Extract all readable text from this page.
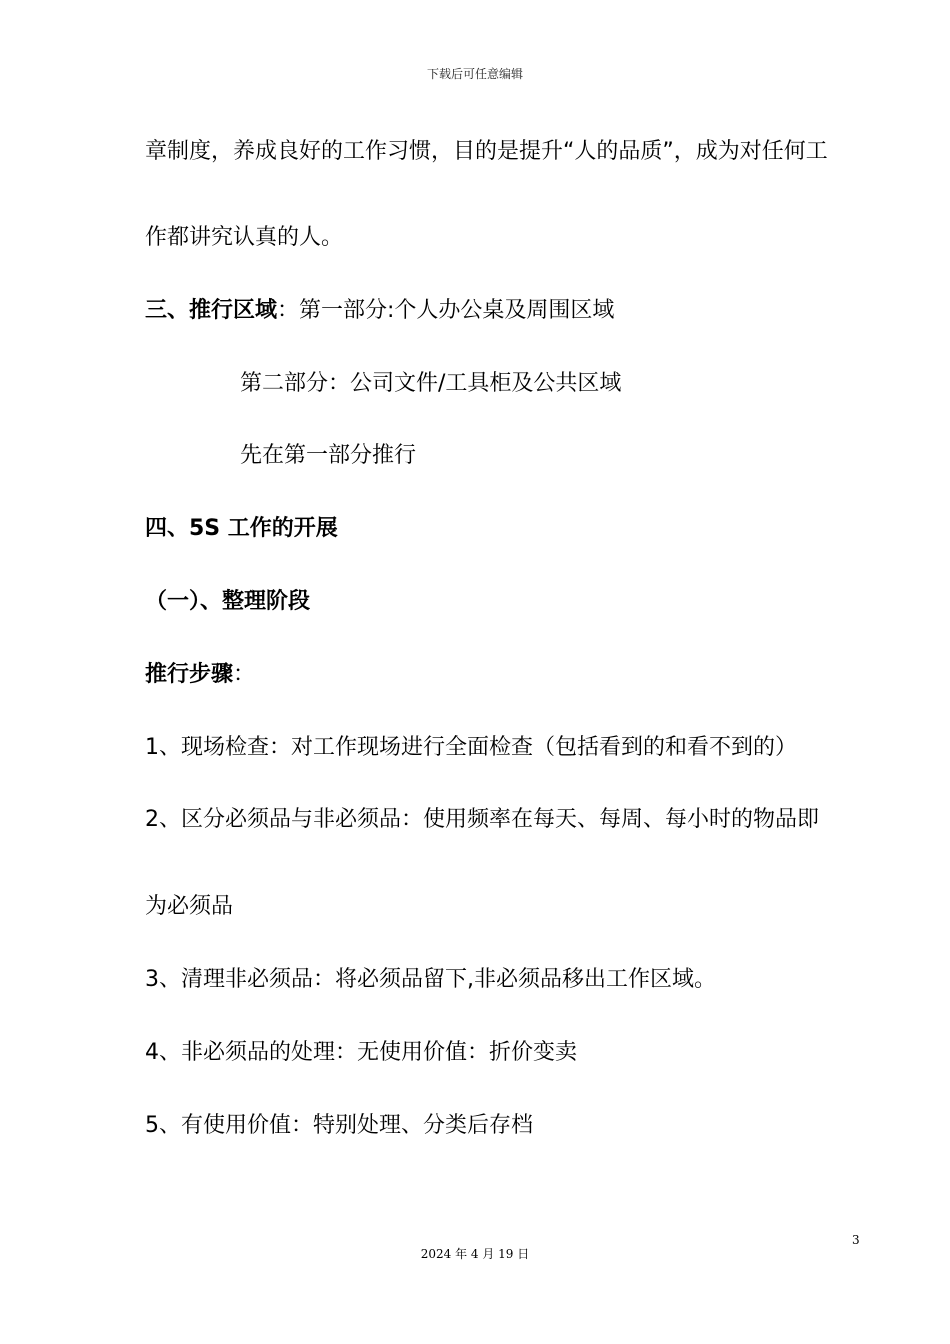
下载后可任意编辑
章制度，养成良好的工作习惯，目的是提升“人的品质”，成为对任何工
作都讲究认真的人。
三、推行区域：第一部分:个人办公桌及周围区域
第二部分：公司文件/工具柜及公共区域
先在第一部分推行
四、5S 工作的开展
（一）、整理阶段
推行步骤：
1、现场检查：对工作现场进行全面检查（包括看到的和看不到的）
2、区分必须品与非必须品：使用频率在每天、每周、每小时的物品即
为必须品
3、清理非必须品：将必须品留下,非必须品移出工作区域。
4、非必须品的处理：无使用价值：折价变卖
5、有使用价值：特别处理、分类后存档
3
2024 年 4 月 19 日
